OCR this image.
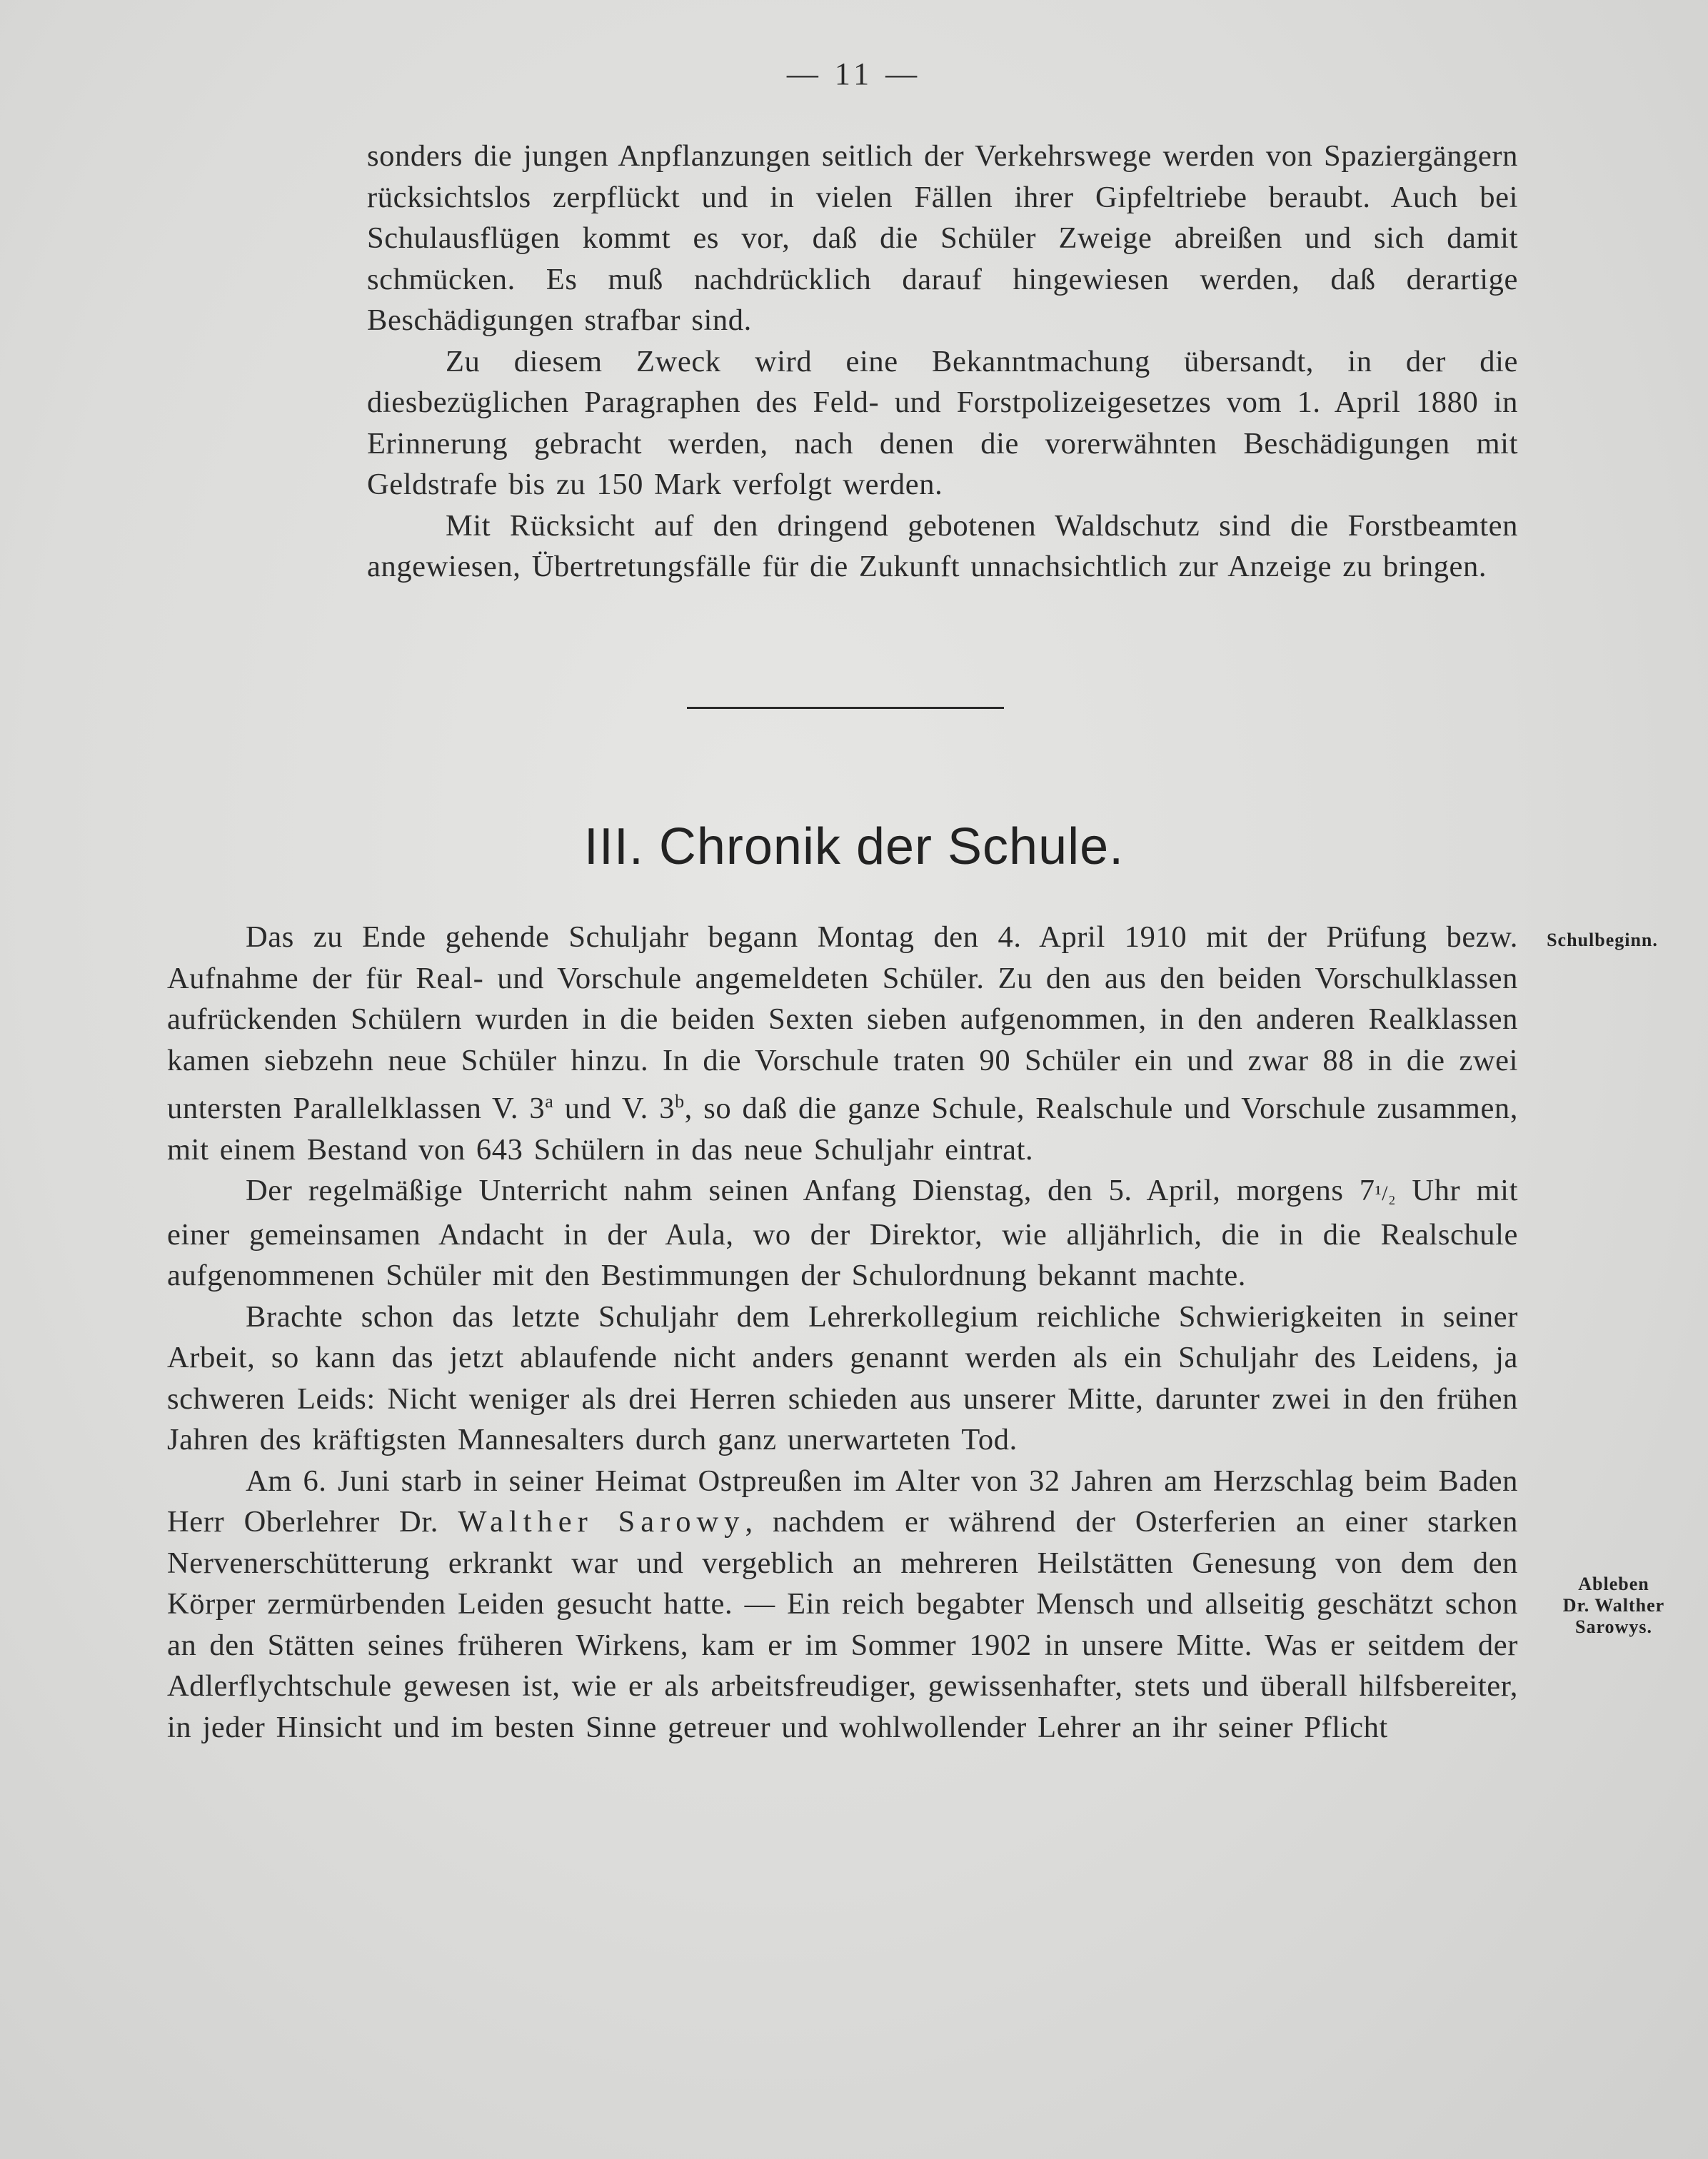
— 11 —

sonders die jungen Anpflanzungen seitlich der Verkehrswege werden von Spaziergängern rücksichtslos zerpflückt und in vielen Fällen ihrer Gipfeltriebe beraubt. Auch bei Schulausflügen kommt es vor, daß die Schüler Zweige abreißen und sich damit schmücken. Es muß nachdrücklich darauf hingewiesen werden, daß derartige Beschädigungen strafbar sind.

Zu diesem Zweck wird eine Bekanntmachung übersandt, in der die diesbezüglichen Paragraphen des Feld- und Forstpolizeigesetzes vom 1. April 1880 in Erinnerung gebracht werden, nach denen die vorerwähnten Beschädigungen mit Geldstrafe bis zu 150 Mark verfolgt werden.

Mit Rücksicht auf den dringend gebotenen Waldschutz sind die Forstbeamten angewiesen, Übertretungsfälle für die Zukunft unnachsichtlich zur Anzeige zu bringen.

III. Chronik der Schule.

Das zu Ende gehende Schuljahr begann Montag den 4. April 1910 mit der Prüfung bezw. Aufnahme der für Real- und Vorschule angemeldeten Schüler. Zu den aus den beiden Vorschulklassen aufrückenden Schülern wurden in die beiden Sexten sieben aufgenommen, in den anderen Realklassen kamen siebzehn neue Schüler hinzu. In die Vorschule traten 90 Schüler ein und zwar 88 in die zwei untersten Parallelklassen V. 3$^a$ und V. 3$^b$, so daß die ganze Schule, Realschule und Vorschule zusammen, mit einem Bestand von 643 Schülern in das neue Schuljahr eintrat.

Der regelmäßige Unterricht nahm seinen Anfang Dienstag, den 5. April, morgens 7¹/₂ Uhr mit einer gemeinsamen Andacht in der Aula, wo der Direktor, wie alljährlich, die in die Realschule aufgenommenen Schüler mit den Bestimmungen der Schulordnung bekannt machte.

Brachte schon das letzte Schuljahr dem Lehrerkollegium reichliche Schwierigkeiten in seiner Arbeit, so kann das jetzt ablaufende nicht anders genannt werden als ein Schuljahr des Leidens, ja schweren Leids: Nicht weniger als drei Herren schieden aus unserer Mitte, darunter zwei in den frühen Jahren des kräftigsten Mannesalters durch ganz unerwarteten Tod.

Am 6. Juni starb in seiner Heimat Ostpreußen im Alter von 32 Jahren am Herzschlag beim Baden Herr Oberlehrer Dr. Walther Sarowy, nachdem er während der Osterferien an einer starken Nervenerschütterung erkrankt war und vergeblich an mehreren Heilstätten Genesung von dem den Körper zermürbenden Leiden gesucht hatte. — Ein reich begabter Mensch und allseitig geschätzt schon an den Stätten seines früheren Wirkens, kam er im Sommer 1902 in unsere Mitte. Was er seitdem der Adlerflychtschule gewesen ist, wie er als arbeitsfreudiger, gewissenhafter, stets und überall hilfsbereiter, in jeder Hinsicht und im besten Sinne getreuer und wohlwollender Lehrer an ihr seiner Pflicht

Schulbeginn.
Ableben
Dr. Walther
Sarowys.
